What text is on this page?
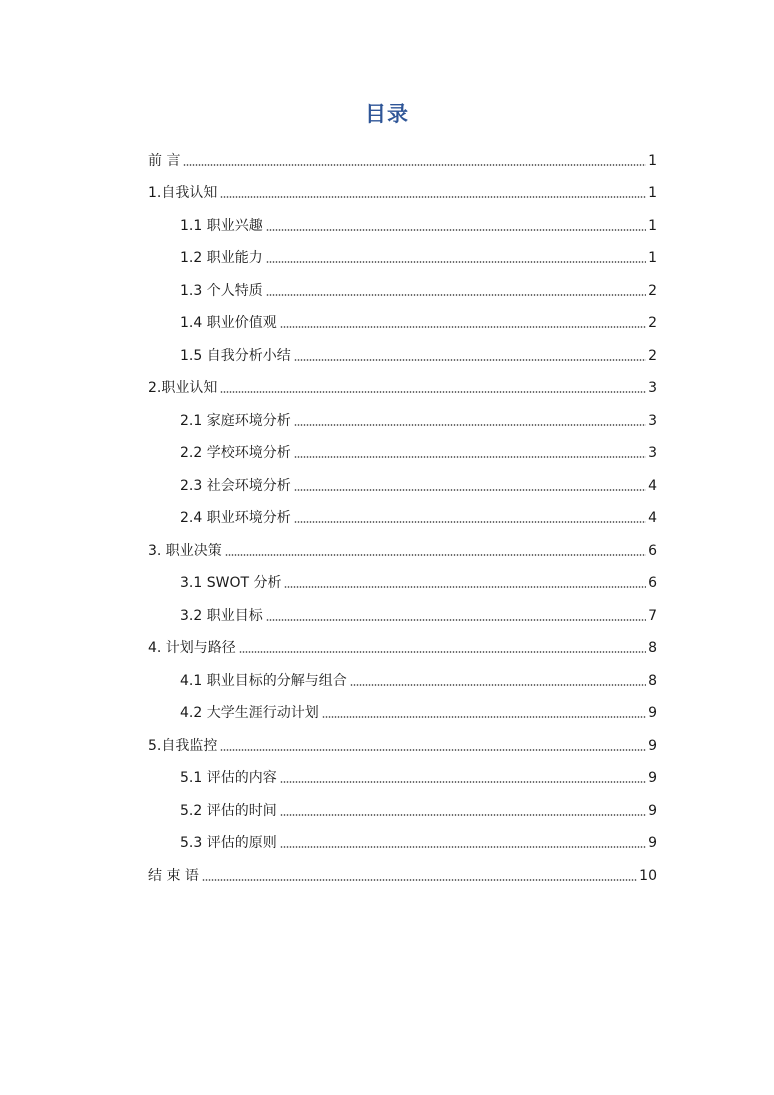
目录
前 言	1
1.自我认知	1
1.1 职业兴趣	1
1.2 职业能力	1
1.3 个人特质	2
1.4 职业价值观	2
1.5 自我分析小结	2
2.职业认知	3
2.1 家庭环境分析	3
2.2 学校环境分析	3
2.3 社会环境分析	4
2.4 职业环境分析	4
3. 职业决策	6
3.1 SWOT 分析	6
3.2 职业目标	7
4. 计划与路径	8
4.1 职业目标的分解与组合	8
4.2 大学生涯行动计划	9
5.自我监控	9
5.1 评估的内容	9
5.2 评估的时间	9
5.3 评估的原则	9
结 束 语	10
